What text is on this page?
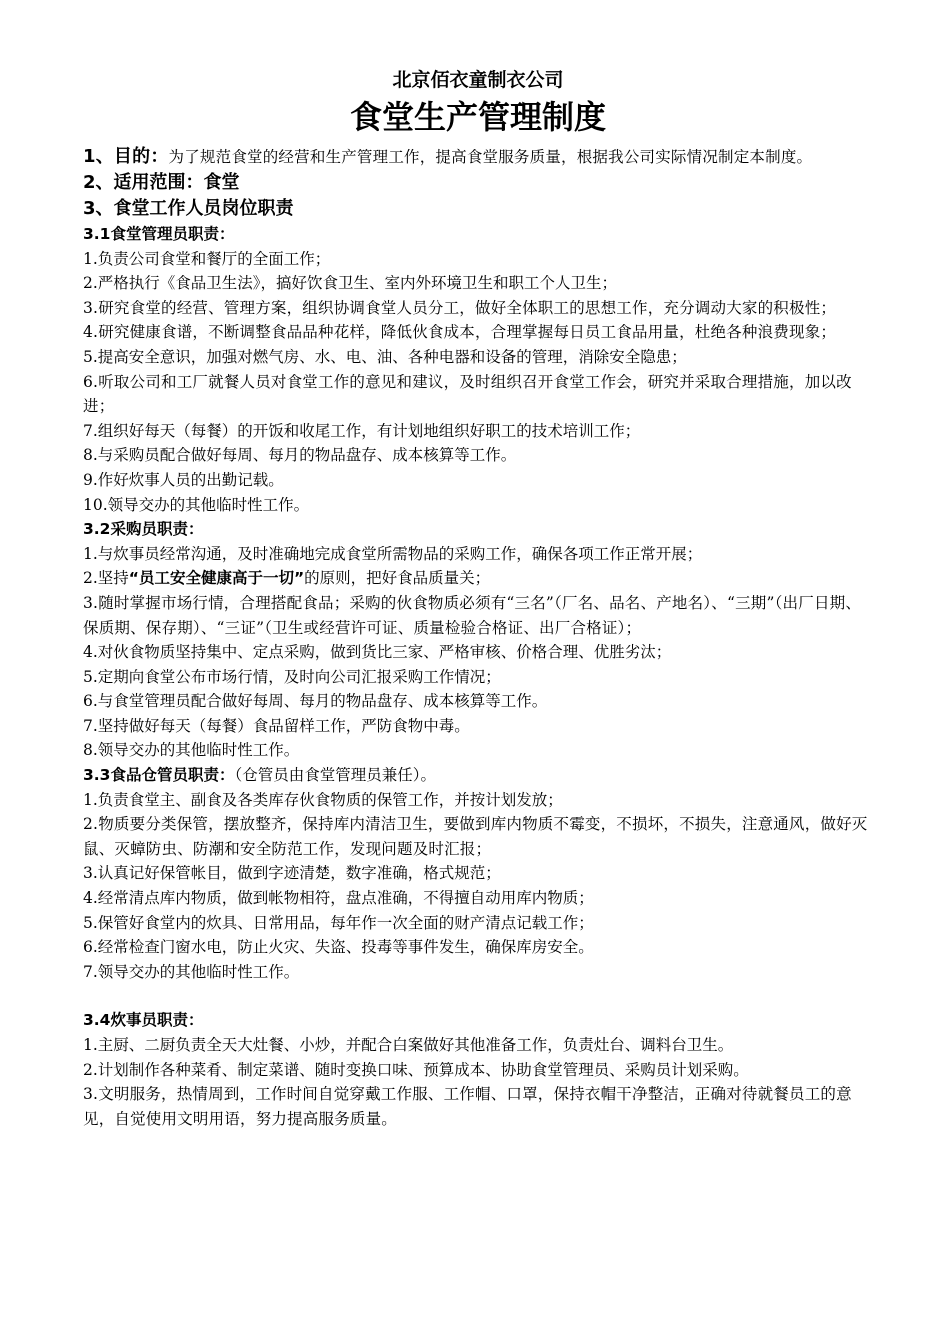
北京佰衣童制衣公司
食堂生产管理制度
1、目的：为了规范食堂的经营和生产管理工作，提高食堂服务质量，根据我公司实际情况制定本制度。
2、适用范围：食堂
3、食堂工作人员岗位职责
3.1食堂管理员职责：
1.负责公司食堂和餐厅的全面工作；
2.严格执行《食品卫生法》，搞好饮食卫生、室内外环境卫生和职工个人卫生；
3.研究食堂的经营、管理方案，组织协调食堂人员分工，做好全体职工的思想工作，充分调动大家的积极性；
4.研究健康食谱，不断调整食品品种花样，降低伙食成本，合理掌握每日员工食品用量，杜绝各种浪费现象；
5.提高安全意识，加强对燃气房、水、电、油、各种电器和设备的管理，消除安全隐患；
6.听取公司和工厂就餐人员对食堂工作的意见和建议，及时组织召开食堂工作会，研究并采取合理措施，加以改进；
7.组织好每天（每餐）的开饭和收尾工作，有计划地组织好职工的技术培训工作；
8.与采购员配合做好每周、每月的物品盘存、成本核算等工作。
9.作好炊事人员的出勤记载。
10.领导交办的其他临时性工作。
3.2采购员职责：
1.与炊事员经常沟通，及时准确地完成食堂所需物品的采购工作，确保各项工作正常开展；
2.坚持“员工安全健康高于一切”的原则，把好食品质量关；
3.随时掌握市场行情，合理搭配食品；采购的伙食物质必须有“三名”（厂名、品名、产地名）、“三期”（出厂日期、保质期、保存期）、“三证”（卫生或经营许可证、质量检验合格证、出厂合格证）；
4.对伙食物质坚持集中、定点采购，做到货比三家、严格审核、价格合理、优胜劣汰；
5.定期向食堂公布市场行情，及时向公司汇报采购工作情况；
6.与食堂管理员配合做好每周、每月的物品盘存、成本核算等工作。
7.坚持做好每天（每餐）食品留样工作，严防食物中毒。
8.领导交办的其他临时性工作。
3.3食品仓管员职责：（仓管员由食堂管理员兼任）。
1.负责食堂主、副食及各类库存伙食物质的保管工作，并按计划发放；
2.物质要分类保管，摆放整齐，保持库内清洁卫生，要做到库内物质不霉变，不损坏，不损失，注意通风，做好灭鼠、灭蟑防虫、防潮和安全防范工作，发现问题及时汇报；
3.认真记好保管帐目，做到字迹清楚，数字准确，格式规范；
4.经常清点库内物质，做到帐物相符，盘点准确，不得擅自动用库内物质；
5.保管好食堂内的炊具、日常用品，每年作一次全面的财产清点记载工作；
6.经常检查门窗水电，防止火灾、失盗、投毒等事件发生，确保库房安全。
7.领导交办的其他临时性工作。
3.4炊事员职责：
1.主厨、二厨负责全天大灶餐、小炒，并配合白案做好其他准备工作，负责灶台、调料台卫生。
2.计划制作各种菜肴、制定菜谱、随时变换口味、预算成本、协助食堂管理员、采购员计划采购。
3.文明服务，热情周到，工作时间自觉穿戴工作服、工作帽、口罩，保持衣帽干净整洁，正确对待就餐员工的意见，自觉使用文明用语，努力提高服务质量。
